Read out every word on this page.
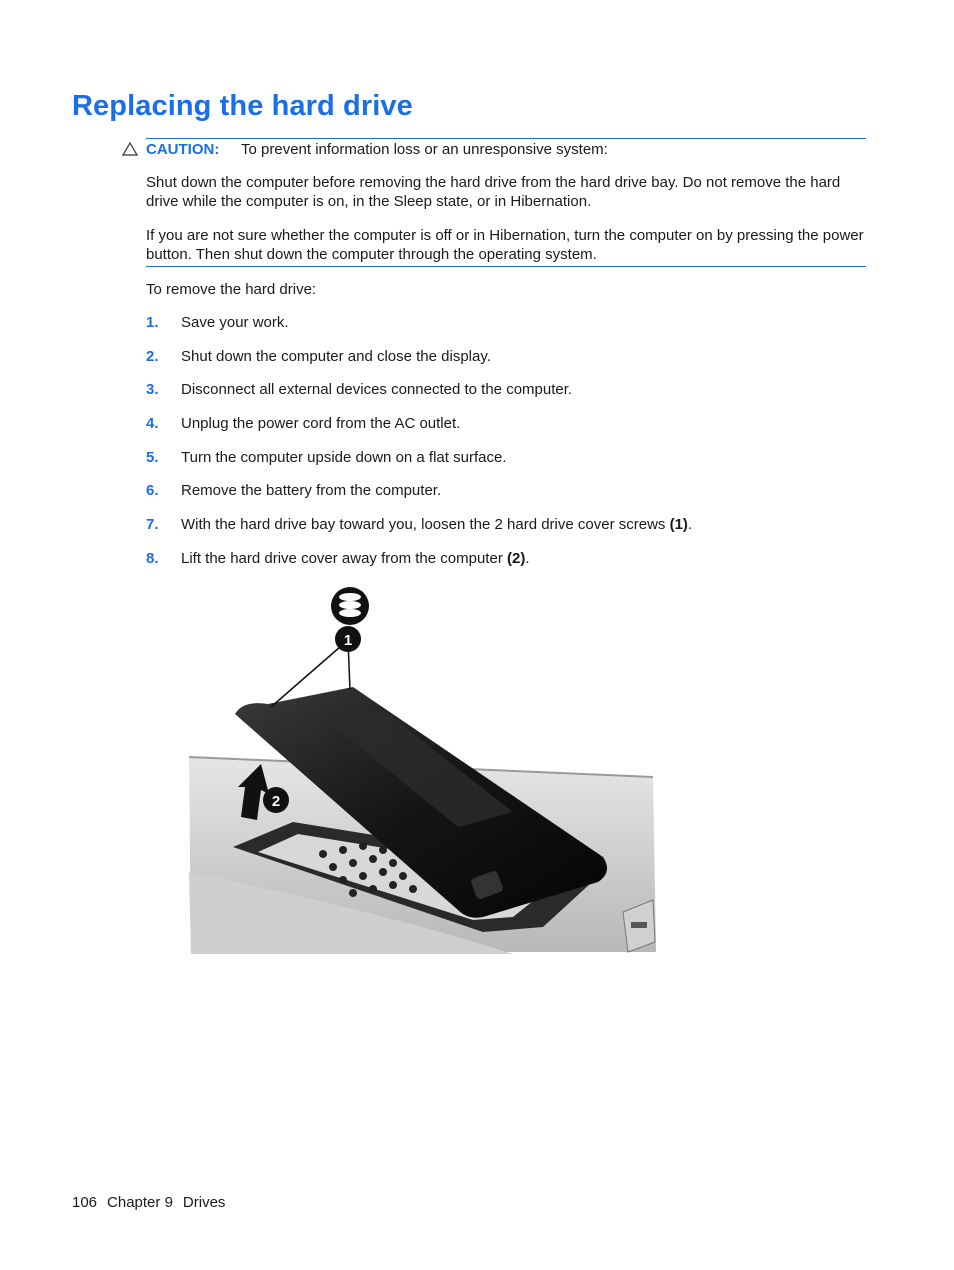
Replacing the hard drive
CAUTION: To prevent information loss or an unresponsive system:

Shut down the computer before removing the hard drive from the hard drive bay. Do not remove the hard drive while the computer is on, in the Sleep state, or in Hibernation.

If you are not sure whether the computer is off or in Hibernation, turn the computer on by pressing the power button. Then shut down the computer through the operating system.

To remove the hard drive:

1. Save your work.
2. Shut down the computer and close the display.
3. Disconnect all external devices connected to the computer.
4. Unplug the power cord from the AC outlet.
5. Turn the computer upside down on a flat surface.
6. Remove the battery from the computer.
7. With the hard drive bay toward you, loosen the 2 hard drive cover screws (1).
8. Lift the hard drive cover away from the computer (2).
1
2
106 Chapter 9 Drives
